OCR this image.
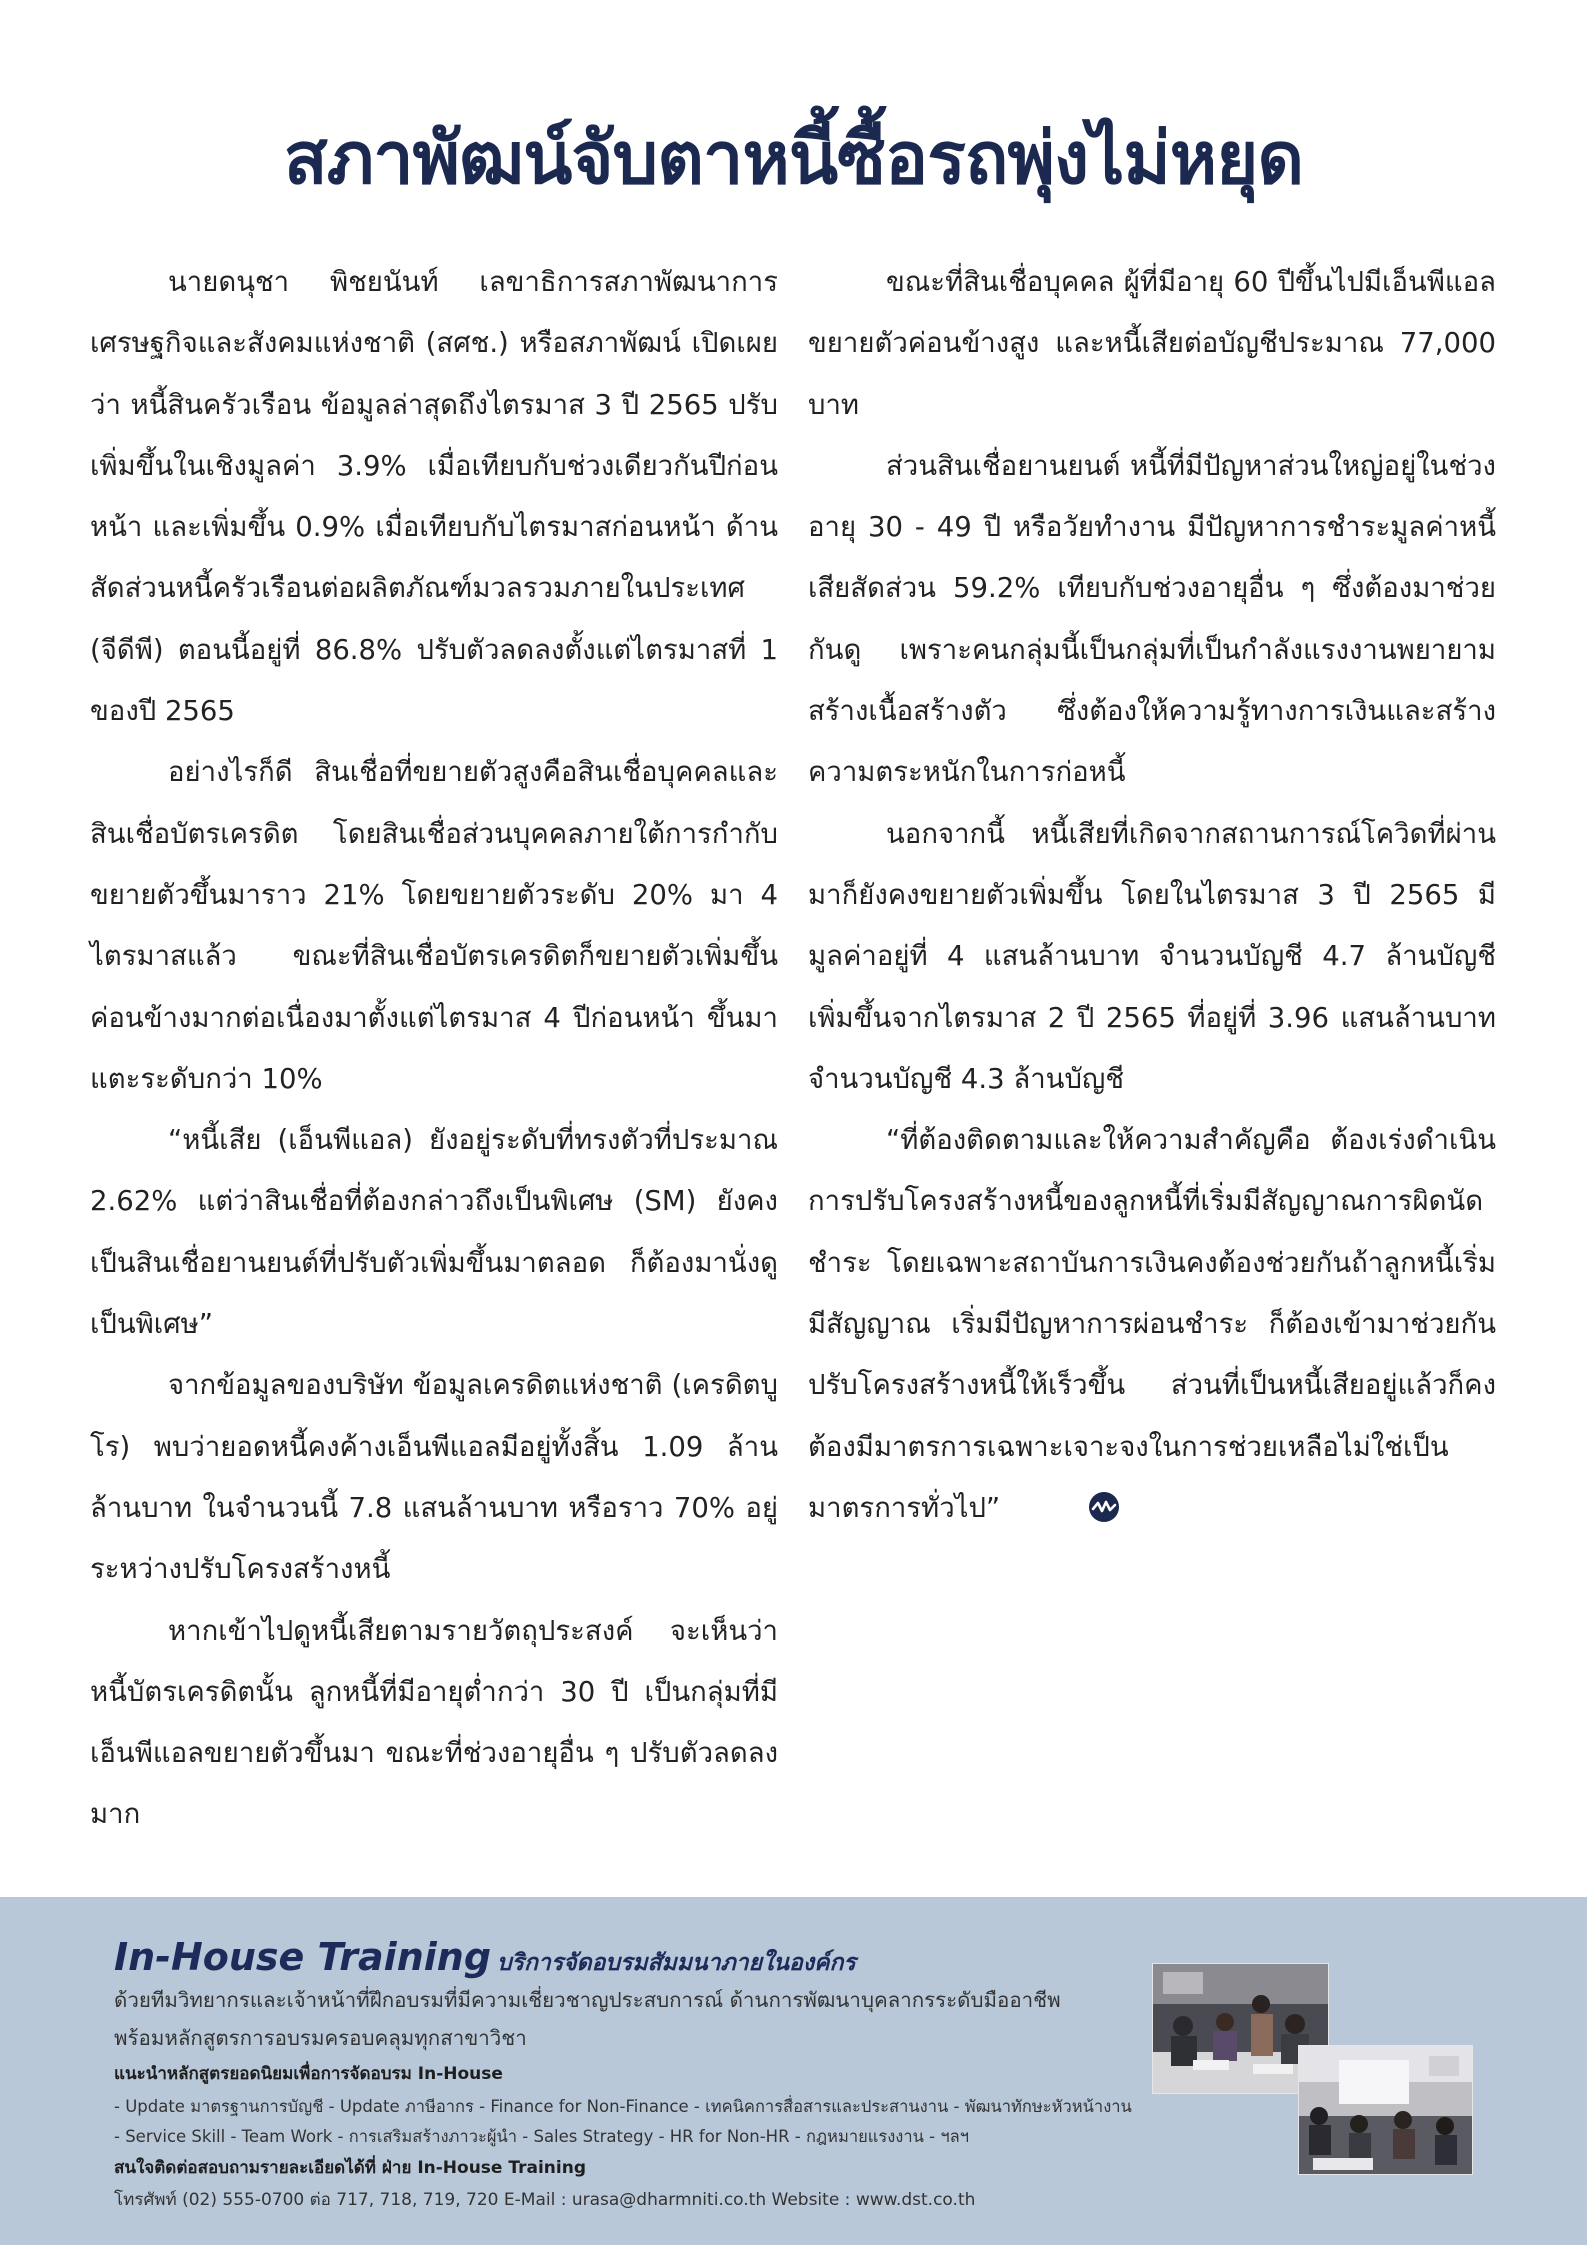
สภาพัฒน์จับตาหนี้ซื้อรถพุ่งไม่หยุด

นายดนุชา พิชยนันท์ เลขาธิการสภาพัฒนาการเศรษฐกิจและสังคมแห่งชาติ (สศช.) หรือสภาพัฒน์ เปิดเผยว่า หนี้สินครัวเรือน ข้อมูลล่าสุดถึงไตรมาส 3 ปี 2565 ปรับเพิ่มขึ้นในเชิงมูลค่า 3.9% เมื่อเทียบกับช่วงเดียวกันปีก่อนหน้า และเพิ่มขึ้น 0.9% เมื่อเทียบกับไตรมาสก่อนหน้า ด้านสัดส่วนหนี้ครัวเรือนต่อผลิตภัณฑ์มวลรวมภายในประเทศ (จีดีพี) ตอนนี้อยู่ที่ 86.8% ปรับตัวลดลงตั้งแต่ไตรมาสที่ 1 ของปี 2565

อย่างไรก็ดี สินเชื่อที่ขยายตัวสูงคือสินเชื่อบุคคลและสินเชื่อบัตรเครดิต โดยสินเชื่อส่วนบุคคลภายใต้การกำกับขยายตัวขึ้นมาราว 21% โดยขยายตัวระดับ 20% มา 4 ไตรมาสแล้ว ขณะที่สินเชื่อบัตรเครดิตก็ขยายตัวเพิ่มขึ้นค่อนข้างมากต่อเนื่องมาตั้งแต่ไตรมาส 4 ปีก่อนหน้า ขึ้นมาแตะระดับกว่า 10%

“หนี้เสีย (เอ็นพีแอล) ยังอยู่ระดับที่ทรงตัวที่ประมาณ 2.62% แต่ว่าสินเชื่อที่ต้องกล่าวถึงเป็นพิเศษ (SM) ยังคงเป็นสินเชื่อยานยนต์ที่ปรับตัวเพิ่มขึ้นมาตลอด ก็ต้องมานั่งดูเป็นพิเศษ”

จากข้อมูลของบริษัท ข้อมูลเครดิตแห่งชาติ (เครดิตบูโร) พบว่ายอดหนี้คงค้างเอ็นพีแอลมีอยู่ทั้งสิ้น 1.09 ล้านล้านบาท ในจำนวนนี้ 7.8 แสนล้านบาท หรือราว 70% อยู่ระหว่างปรับโครงสร้างหนี้

หากเข้าไปดูหนี้เสียตามรายวัตถุประสงค์ จะเห็นว่าหนี้บัตรเครดิตนั้น ลูกหนี้ที่มีอายุต่ำกว่า 30 ปี เป็นกลุ่มที่มีเอ็นพีแอลขยายตัวขึ้นมา ขณะที่ช่วงอายุอื่น ๆ ปรับตัวลดลงมาก

ขณะที่สินเชื่อบุคคล ผู้ที่มีอายุ 60 ปีขึ้นไปมีเอ็นพีแอลขยายตัวค่อนข้างสูง และหนี้เสียต่อบัญชีประมาณ 77,000 บาท

ส่วนสินเชื่อยานยนต์ หนี้ที่มีปัญหาส่วนใหญ่อยู่ในช่วงอายุ 30 - 49 ปี หรือวัยทำงาน มีปัญหาการชำระมูลค่าหนี้เสียสัดส่วน 59.2% เทียบกับช่วงอายุอื่น ๆ ซึ่งต้องมาช่วยกันดู เพราะคนกลุ่มนี้เป็นกลุ่มที่เป็นกำลังแรงงานพยายามสร้างเนื้อสร้างตัว ซึ่งต้องให้ความรู้ทางการเงินและสร้างความตระหนักในการก่อหนี้

นอกจากนี้ หนี้เสียที่เกิดจากสถานการณ์โควิดที่ผ่านมาก็ยังคงขยายตัวเพิ่มขึ้น โดยในไตรมาส 3 ปี 2565 มีมูลค่าอยู่ที่ 4 แสนล้านบาท จำนวนบัญชี 4.7 ล้านบัญชี เพิ่มขึ้นจากไตรมาส 2 ปี 2565 ที่อยู่ที่ 3.96 แสนล้านบาท จำนวนบัญชี 4.3 ล้านบัญชี

“ที่ต้องติดตามและให้ความสำคัญคือ ต้องเร่งดำเนินการปรับโครงสร้างหนี้ของลูกหนี้ที่เริ่มมีสัญญาณการผิดนัดชำระ โดยเฉพาะสถาบันการเงินคงต้องช่วยกันถ้าลูกหนี้เริ่มมีสัญญาณ เริ่มมีปัญหาการผ่อนชำระ ก็ต้องเข้ามาช่วยกันปรับโครงสร้างหนี้ให้เร็วขึ้น ส่วนที่เป็นหนี้เสียอยู่แล้วก็คงต้องมีมาตรการเฉพาะเจาะจงในการช่วยเหลือไม่ใช่เป็นมาตรการทั่วไป”

In-House Training บริการจัดอบรมสัมมนาภายในองค์กร
ด้วยทีมวิทยากรและเจ้าหน้าที่ฝึกอบรมที่มีความเชี่ยวชาญประสบการณ์ ด้านการพัฒนาบุคลากรระดับมืออาชีพ
พร้อมหลักสูตรการอบรมครอบคลุมทุกสาขาวิชา
แนะนำหลักสูตรยอดนิยมเพื่อการจัดอบรม In-House
- Update มาตรฐานการบัญชี - Update ภาษีอากร - Finance for Non-Finance - เทคนิคการสื่อสารและประสานงาน - พัฒนาทักษะหัวหน้างาน
- Service Skill - Team Work - การเสริมสร้างภาวะผู้นำ - Sales Strategy - HR for Non-HR - กฎหมายแรงงาน - ฯลฯ
สนใจติดต่อสอบถามรายละเอียดได้ที่ ฝ่าย In-House Training
โทรศัพท์ (02) 555-0700 ต่อ 717, 718, 719, 720 E-Mail : urasa@dharmniti.co.th Website : www.dst.co.th
